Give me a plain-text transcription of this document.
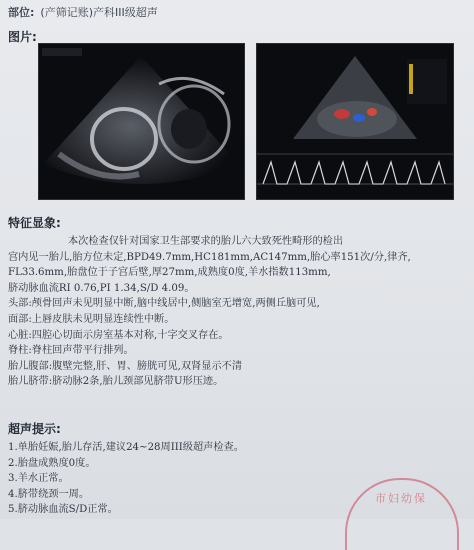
部位: (产筛记账)产科III级超声
图片:
特征显象:
本次检查仅针对国家卫生部要求的胎儿六大致死性畸形的检出
宫内见一胎儿,胎方位未定,BPD49.7mm,HC181mm,AC147mm,胎心率151次/分,律齐,
FL33.6mm,胎盘位于子宫后壁,厚27mm,成熟度0度,羊水指数113mm,
脐动脉血流RI 0.76,PI 1.34,S/D 4.09。
头部:颅骨回声未见明显中断,脑中线居中,侧脑室无增宽,两侧丘脑可见,
面部:上唇皮肤未见明显连续性中断。
心脏:四腔心切面示房室基本对称,十字交叉存在。
脊柱:脊柱回声带平行排列。
胎儿腹部:腹壁完整,肝、胃、膀胱可见,双肾显示不清
胎儿脐带:脐动脉2条,胎儿颈部见脐带U形压迹。
超声提示:
1.单胎妊娠,胎儿存活,建议24~28周III级超声检查。
2.胎盘成熟度0度。
3.羊水正常。
4.脐带绕颈一周。
5.脐动脉血流S/D正常。
市妇幼保
